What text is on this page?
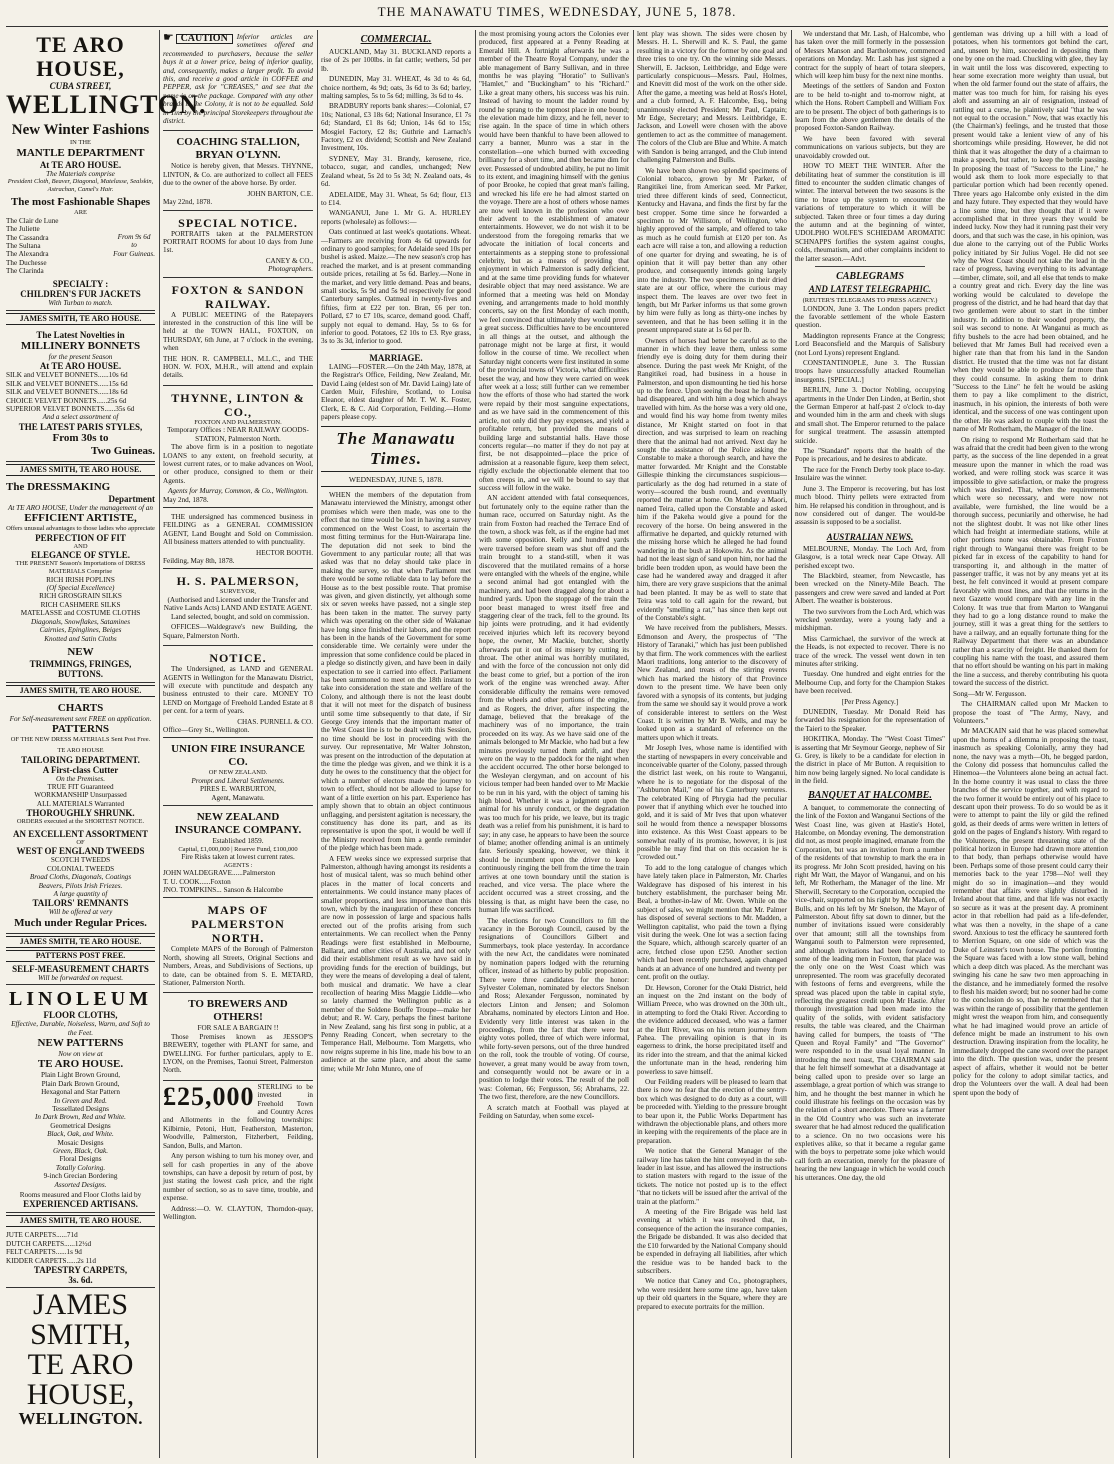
THE MANAWATU TIMES, WEDNESDAY, JUNE 5, 1878.
TE ARO HOUSE,
CUBA STREET,
WELLINGTON.
New Winter Fashions
IN THE
MANTLE DEPARTMENT
At TE ARO HOUSE.
The Materials comprise
President Cloth, Beaver, Diagonal, Matelasse, Sealskin, Astrachan, Camel's Hair.
The most Fashionable Shapes
ARE
The Clair de Lune
The Juliette
The Cassandra
The Sultana
The Alexandra
The Duchesse
The Clarinda
From 9s 6d
to
Four Guineas.
SPECIALTY :
CHILDREN'S FUR JACKETS
With Turban to match.
JAMES SMITH, TE ARO HOUSE.
The Latest Novelties in
MILLINERY BONNETS
for the present Season
At TE ARO HOUSE.
SILK and VELVET BONNETS......10s 6d
SILK and VELVET BONNETS......15s 6d
SILK and VELVET BONNETS......18s 6d
CHOICE VELVET BONNETS......25s 6d
SUPERIOR VELVET BONNETS......35s 6d
And a select assortment of
THE LATEST PARIS STYLES,
From 30s to
Two Guineas.
JAMES SMITH, TE ARO HOUSE.
The DRESSMAKING
Department
At TE ARO HOUSE, Under the management of an
EFFICIENT ARTISTE,
Offers unusual advantages to those ladies who appreciate
PERFECTION OF FIT
AND
ELEGANCE OF STYLE.
THE PRESENT Season's Importations of DRESS MATERIALS Comprise
RICH IRISH POPLINS
(Of Special Excellence)
RICH GROSGRAIN SILKS
RICH CASHMERE SILKS
MATELASSE and COSTUME CLOTHS
Diagonals, Snowflakes, Satamines
Cairnies, Epinglines, Beiges
Knotted and Satin Cloths
NEW
TRIMMINGS, FRINGES, BUTTONS.
JAMES SMITH, TE ARO HOUSE.
CHARTS
For Self-measurement sent FREE on application.
PATTERNS
OF THE NEW DRESS MATERIALS Sent Post Free.
TE ARO HOUSE
TAILORING DEPARTMENT.
A First-class Cutter
On the Premises.
TRUE FIT Guaranteed
WORKMANSHIP Unsurpassed
ALL MATERIALS Warranted
THOROUGHLY SHRUNK.
ORDERS executed at the SHORTEST NOTICE.
AN EXCELLENT ASSORTMENT
OF
WEST OF ENGLAND TWEEDS
SCOTCH TWEEDS
COLONIAL TWEEDS
Broad Cloths, Diagonals, Coatings
Beavers, Pilots Irish Friezes.
A large quantity of
TAILORS' REMNANTS
Will be offered at very
Much under Regular Prices.
JAMES SMITH, TE ARO HOUSE.
PATTERNS POST FREE.
SELF-MEASUREMENT CHARTS
Will be forwarded on request.
LINOLEUM
FLOOR CLOTHS,
Effective, Durable, Noiseless, Warm, and Soft to the Feet.
NEW PATTERNS
Now on view at
TE ARO HOUSE.
Plain Light Brown Ground,
Plain Dark Brown Ground,
Hexagonal and Star Pattern
In Green and Red.
Tessellated Designs
In Dark Brown, Red and White.
Geometrical Designs
Black, Oak, and White.
Mosaic Designs
Green, Black, Oak.
Floral Designs
Totally Coloring.
9-inch Grecian Bordering
Assorted Designs.
Rooms measured and Floor Cloths laid by
EXPERIENCED ARTISANS.
JAMES SMITH, TE ARO HOUSE.
JUTE CARPETS......71d
DUTCH CARPETS......12½d
FELT CARPETS......1s 9d
KIDDER CARPETS......2s 11d
TAPESTRY CARPETS,
3s. 6d.
JAMES SMITH,
TE ARO HOUSE,
WELLINGTON.
☛ CAUTION	Inferior articles are sometimes offered and recommended to purchasers, because the seller buys it at a lower price, being of inferior quality, and, consequently, makes a larger profit. To avoid this, and receive a good article in COFFEE and PEPPER, ask for "CREASES," and see that the name is on the package. Compared with any other brands in the Colony, it is not to be equalled. Sold in Tins by the principal Storekeepers throughout the district.

COACHING STALLION, BRYAN O'LYNN.

Notice is hereby given, that Messrs. THYNNE, LINTON, & Co. are authorized to collect all FEES due to the owner of the above horse. By order.

JOHN BARTON, C.E.
May 22nd, 1878.
SPECIAL NOTICE.

PORTRAITS taken at the PALMERSTON PORTRAIT ROOMS for about 10 days from June 1st.

CANEY & CO.,
Photographers.
FOXTON & SANDON RAILWAY.

A PUBLIC MEETING of the Ratepayers interested in the construction of this line will be held at the TOWN HALL, FOXTON, on THURSDAY, 6th June, at 7 o'clock in the evening, when

THE HON. R. CAMPBELL, M.L.C., and THE HON. W. FOX, M.H.R., will attend and explain details.

THYNNE, LINTON & CO.,
FOXTON AND PALMERSTON.
Temporary Offices : NEAR RAILWAY GOODS-STATION, Palmerston North.

The above firm is in a position to negotiate LOANS to any extent, on freehold security, at lowest current rates, or to make advances on Wool, or other produce, consigned to them or their Agents.

Agents for Murray, Common, & Co., Wellington.
May 2nd, 1878.

THE undersigned has commenced business in FEILDING as a GENERAL COMMISSION AGENT, Land Bought and Sold on Commission. All business matters attended to with punctuality.

HECTOR BOOTH.
Feilding, May 8th, 1878.
H. S. PALMERSON,
SURVEYOR,
(Authorised and Licensed under the Transfer and Native Lands Acts) LAND AND ESTATE AGENT.

Land selected, bought, and sold on commission.

OFFICES—Waldegrave's new Building, the Square, Palmerston North.

NOTICE.

The Undersigned, as LAND and GENERAL AGENTS in Wellington for the Manawatu District, will execute with punctitude and despatch any business entrusted to their care. MONEY TO LEND on Mortgage of Freehold Landed Estate at 8 per cent. for a term of years.

CHAS. PURNELL & CO.
Office—Grey St., Wellington.
UNION FIRE INSURANCE CO.
OF NEW ZEALAND.
Prompt and Liberal Settlements.
PIRES E. WARBURTON,
Agent, Manawatu.
NEW ZEALAND INSURANCE COMPANY.
Established 1859.
Capital, £1,000,000 | Reserve Fund, £100,000
Fire Risks taken at lowest current rates.
AGENTS :
JOHN WALDEGRAVE......Palmerston
T. U. COOK......Foxton
JNO. TOMPKINS... Sanson & Halcombe
MAPS OF PALMERSTON NORTH.

Complete MAPS of the Borough of Palmerston North, showing all Streets, Original Sections and Numbers, Areas, and Subdivisions of Sections, up to date, can be obtained from S. E. METARD, Stationer, Palmerston North.

TO BREWERS AND OTHERS!
FOR SALE A BARGAIN !!

Those Premises known as JESSOP'S BREWERY, together with PLANT for same, and DWELLING. For further particulars, apply to E. LYON, on the Premises, Taonui Street, Palmerston North.

£25,000 STERLING to be invested in Freehold Town and Country Acres and Allotments in the following townships: Kilbirnie, Petoni, Hutt, Featherston, Masterton, Woodville, Palmerston, Fitzherbert, Feilding, Sandon, Bulls, and Marton.

Any person wishing to turn his money over, and sell for cash properties in any of the above townships, can have a deposit by return of post, by just stating the lowest cash price, and the right number of section, so as to save time, trouble, and expense.

Address:—O. W. CLAYTON, Thorndon-quay, Wellington.

COMMERCIAL.

AUCKLAND, May 31. BUCKLAND reports a rise of 2s per 100lbs. in fat cattle; wethers, 5d per lb.

DUNEDIN, May 31. WHEAT, 4s 3d to 4s 6d, choice northern, 4s 9d; oats, 3s 6d to 3s 6d; barley, malting samples, 5s to 5s 6d; milling, 3s 6d to 4s.

BRADBURY reports bank shares:—Colonial, £7 10s; National, £3 18s 6d; National Insurance, £1 7s 6d; Standard, £1 8s 6d; Union, 14s 6d to 15s; Mosgiel Factory, £2 8s; Guthrie and Larnach's Factory, £2 ex dividend; Scottish and New Zealand Investment, 10s.

SYDNEY, May 31. Brandy, kerosene, rice, tobacco, sugar, and candles, unchanged; New Zealand wheat, 5s 2d to 5s 3d; N. Zealand oats, 4s 6d.

ADELAIDE, May 31. Wheat, 5s 6d; flour, £13 to £14.

WANGANUI, June 1. Mr G. A. HURLEY reports (wholesale) as follows:—

Oats continued at last week's quotations. Wheat.—Farmers are receiving from 4s 6d upwards for ordinary to good samples; for Adelaide seed 10s per bushel is asked. Maize.—The new season's crop has reached the market, and is at present commanding outside prices, retailing at 5s 6d. Barley.—None in the market, and very little demand. Peas and beans, small stocks, 5s 9d and 5s 9d respectively for good Canterbury samples. Oatmeal in twenty-fives and fifties, firm at £22 per ton. Bran, £6 per ton. Pollard, £7 to £7 10s, scarce, demand good. Chaff, supply not equal to demand. Hay, 5s to 6s for inferior to good. Potatoes, £2 10s to £3. Rye grass, 3s to 3s 3d, inferior to good.

MARRIAGE.

LAING—FOSTER.—On the 24th May, 1878, at the Registrar's Office, Feilding, New Zealand, Mr. David Laing (eldest son of Mr. David Laing) late of Carden Muir, Fifeshire, Scotland, to Louisa Eleanor, eldest daughter of Mr. T. W. K. Foster, Clerk, E. & C. Aid Corporation, Feilding.—Home papers please copy.

The Manawatu Times.
WEDNESDAY, JUNE 5, 1878.

WHEN the members of the deputation from Manawatu interviewed the Ministry, amongst other promises which were then made, was one to the effect that no time would be lost in having a survey commenced on the West Coast, to ascertain the most fitting terminus for the Hutt-Wairarapa line. The deputation did not seek to bind the Government to any particular route; all that was asked was that no delay should take place in making the survey, so that when Parliament met there would be some reliable data to lay before the House as to the best possible route. That promise was given, and given distinctly, yet although some six or seven weeks have passed, not a single step has been taken in the matter. The survey party which was operating on the other side of Wakanae have long since finished their labors, and the report has been in the hands of the Government for some considerable time. We certainly were under the impression that some confidence could be placed in a pledge so distinctly given, and have been in daily expectation to see it carried into effect. Parliament has been summoned to meet on the 18th instant to take into consideration the state and welfare of the Colony, and although there is not the least doubt that it will not meet for the dispatch of business until some time subsequently to that date, if Sir George Grey intends that the important matter of the West Coast line is to be dealt with this Session, no time should be lost in proceeding with the survey. Our representative, Mr Walter Johnston, was present on the introduction of the deputation at the time the pledge was given, and we think it is a duty he owes to the constituency that the object for which a number of electors made the journey to town to effect, should not be allowed to lapse for want of a little exertion on his part. Experience has amply shown that to obtain an object continuous unflagging, and persistent agitation is necessary, the constituency has done its part, and as its representative is upon the spot, it would be well if the Ministry received from him a gentle reminder of the pledge which has been made.

A FEW weeks since we expressed surprise that Palmerston, although having amongst its residents a host of musical talent, was so much behind other places in the matter of local concerts and entertainments. We could instance many places of smaller proportions, and less importance than this town, which by the inauguration of these concerts are now in possession of large and spacious halls erected out of the profits arising from such entertainments. We can recollect when the Penny Readings were first established in Melbourne, Ballarat, and other cities of Australia, and not only did their establishment result as we have said in providing funds for the erection of buildings, but they were the means of developing a deal of talent, both musical and dramatic. We have a clear recollection of hearing Miss Maggie Liddle—who so lately charmed the Wellington public as a member of the Soldene Bouffe Troupe—make her debut; and R. W. Cary, perhaps the finest baritone in New Zealand, sang his first song in public, at a Penny Reading Concert, when secretary to the Temperance Hall, Melbourne. Tom Margetts, who now reigns supreme in his line, made his bow to an audience at the same place, and about the same time; while Mr John Munro, one of

the most promising young actors the Colonies ever produced, first appeared at a Penny Reading at Emerald Hill. A fortnight afterwards he was a member of the Theatre Royal Company, under the able management of Barry Sullivan, and in three months he was playing "Horatio" to Sullivan's "Hamlet," and "Buckingham" to his "Richard." Like a great many others, his success was his ruin. Instead of having to mount the ladder round by round he sprang to the topmost place in one bound; the elevation made him dizzy, and he fell, never to rise again. In the space of time in which others would have been thankful to have been allowed to carry a banner, Munro was a star in the constellation—one which burned with exceeding brilliancy for a short time, and then became dim for ever. Possessed of undoubted ability, he put no limit to its extent, and imagining himself with the genius of poor Brooke, he copied that great man's failing, and wrecked his life ere he had almost started on the voyage. There are a host of others whose names are now well known in the profession who owe their advent to the establishment of amateur entertainments. However, we do not wish it to be understood from the foregoing remarks that we advocate the initiation of local concerts and entertainments as a stepping stone to professional celebrity, but as a means of providing that enjoyment in which Palmerston is sadly deficient, and at the same time providing funds for whatever desirable object that may need assistance. We are informed that a meeting was held on Monday evening, and arrangements made to hold monthly concerts, say on the first Monday of each month, we feel convinced that ultimately they would prove a great success. Difficulties have to be encountered in all things at the outset, and although the patronage might not be large at first, it would follow in the course of time. We recollect when Saturday night concerts were first instituted in some of the provincial towns of Victoria, what difficulties beset the way, and how they were carried on week after week at a loss; still further can we remember how the efforts of those who had started the work were repaid by their most sanguine expectations, and as we have said in the commencement of this article, not only did they pay expenses, and yield a profitable return, but provided the means of building large and substantial halls. Have those concerts regular—no matter if they do not pay at first, be not disappointed—place the price of admission at a reasonable figure, keep them select, rigidly exclude the objectionable element that too often creeps in, and we will be bound to say that success will follow in the wake.

AN accident attended with fatal consequences, but fortunately only to the equine rather than the human race, occurred on Saturday night. As the train from Foxton had reached the Terrace End of the town, a shock was felt, as if the engine had met with some opposition. Kelly and hundred yards were traversed before steam was shut off and the train brought to a stand-still, when it was discovered that the mutilated remains of a horse were entangled with the wheels of the engine, while a second animal had got entangled with the machinery, and had been dragged along for about a hundred yards. Upon the stoppage of the train the poor beast managed to wrest itself free and staggering clear of the track, fell to the ground. Its hip joints were protruding, and it had evidently received injuries which left its recovery beyond hope, the owner, Mr Mackie, butcher, shortly afterwards put it out of its misery by cutting its throat. The other animal was horribly mutilated, and with the force of the concussion not only did the beast come to grief, but a portion of the iron work of the engine was wrenched away. After considerable difficulty the remains were removed from the wheels and other portions of the engine, and as Rogers, the driver, after inspecting the damage, believed that the breakage of the machinery was of no importance, the train proceeded on its way. As we have said one of the animals belonged to Mr Mackie, who had but a few minutes previously turned them adrift, and they were on the way to the paddock for the night when the accident occurred. The other horse belonged to the Wesleyan clergyman, and on account of his vicious temper had been handed over to Mr Mackie to be run in his yard, with the object of taming his high blood. Whether it was a judgment upon the animal for his unruly conduct, or the degradation was too much for his pride, we leave, but its tragic death was a relief from his punishment, it is hard to say; in any case, he appears to have been the source of blame; another offending animal is an untimely fate. Seriously speaking, however, we think it should be incumbent upon the driver to keep continuously ringing the bell from the time the train arrives at one town boundary until the station is reached, and vice versa. The place where the accident occurred was a street crossing, and the blessing is that, as might have been the case, no human life was sacrificed.

The elections for two Councillors to fill the vacancy in the Borough Council, caused by the resignations of Councillors Gilbert and Summerbays, took place yesterday. In accordance with the new Act, the candidates were nominated by nomination papers lodged with the returning officer, instead of as hitherto by public proposition. There were three candidates for the honor: Sylvester Coleman, nominated by electors Snelson and Ross; Alexander Fergusson, nominated by electors Linton and Jensen; and Solomon Abrahams, nominated by electors Linton and Hoe. Evidently very little interest was taken in the proceedings, from the fact that there were but eighty votes polled, three of which were informal, while forty-seven persons, out of the three hundred on the roll, took the trouble of voting. Of course, however, a great many would be away from town, and consequently would not be aware or in a position to lodge their votes. The result of the poll was: Coleman, 66; Fergusson, 56; Abrahams, 22. The two first, therefore, are the new Councillors.

A scratch match at Football was played at Feilding on Saturday, when some excel-

lent play was shown. The sides were chosen by Messrs. H. L. Sherwill and K. S. Paul, the game resulting in a victory for the former by one goal and three tries to one try. On the winning side Messrs. Sherwill, E. Jackson, Leithbridge, and Edge were particularly conspicuous—Messrs. Paul, Holmes, and Knevitt did most of the work on the other side. After the game, a meeting was held at Ross's Hotel, and a club formed, A. F. Halcombe, Esq., being unanimously elected President; Mr Paul, Captain; Mr Edge, Secretary; and Messrs. Leithbridge, E. Jackson, and Lowell were chosen with the above gentlemen to act as the committee of management. The colors of the Club are Blue and White. A match with Sandon is being arranged, and the Club intend challenging Palmerston and Bulls.

We have been shown two splendid specimens of Colonial tobacco, grown by Mr Parker, of Rangitikei line, from American seed. Mr Parker, tried three different kinds of seed, Connecticut, Kentucky and Havana, and finds the first by far the best cropper. Some time since he forwarded a specimen to Mr Williston, of Wellington, who highly approved of the sample, and offered to take as much as he could furnish at £120 per ton. As each acre will raise a ton, and allowing a reduction of one quarter for drying and sweating, he is of opinion that it will pay better than any other produce, and consequently intends going largely into the industry. The two specimens in their dried state are at our office, where the curious may inspect them. The leaves are over two feet in length, but Mr Parker informs us that some grown by him were fully as long as thirty-one inches by seventeen, and that he has been selling it in the present unprepared state at 1s 6d per lb.

Owners of horses had better be careful as to the manner in which they leave them, unless some friendly eye is doing duty for them during their absence. During the past week Mr Knight, of the Rangitikei road, had business in a house in Palmerston, and upon dismounting he tied his horse up to the fence. Upon seeing the beast he found he had disappeared, and with him a dog which always travelled with him. As the horse was a very old one, and would find his way home from twenty miles distance, Mr Knight started on foot in that direction, and was surprised to learn on reaching there that the animal had not arrived. Next day he sought the assistance of the Police asking the Constable to make a thorough search, and have the matter forwarded. Mr Knight and the Constable Gillespie thinking the circumstances suspicious—particularly as the dog had returned in a state of worry—scoured the bush round, and eventually reported the matter at home. On Monday a Maori, named Teira, called upon the Constable and asked him if the Pakeha would give a pound for the recovery of the horse. On being answered in the affirmative he departed, and quickly returned with the missing horse which he alleged he had found wandering in the bush at Hokowitu. As the animal had not the least sign of sand upon him, nor had the bridle been trodden upon, as would have been the case had he wandered away and dragged it after him, there are very grave suspicions that the animal had been planted. It may be as well to state that Teira was told to call again for the reward, but evidently "smelling a rat," has since then kept out of the Constable's sight.

We have received from the publishers, Messrs. Edmonson and Avery, the prospectus of "The History of Taranaki," which has just been published by that firm. The work commences with the earliest Maori traditions, long anterior to the discovery of New Zealand, and treats of the stirring events which has marked the history of that Province down to the present time. We have been only favored with a synopsis of its contents, but judging from the same we should say it would prove a work of considerable interest to settlers on the West Coast. It is written by Mr B. Wells, and may be looked upon as a standard of reference on the matters upon which it treats.

Mr Joseph Ives, whose name is identified with the starting of newspapers in every conceivable and inconceivable quarter of the Colony, passed through the district last week, on his route to Wanganui, where he is to negotiate for the disposal of the "Ashburton Mail," one of his Canterbury ventures. The celebrated King of Phrygia had the peculiar power that if anything which ever he touched into gold, and it is said of Mr Ives that upon whatever soil he would from thence a newspaper blossoms into existence. As this West Coast appears to be somewhat really of its promise, however, it is just possible he may find that on this occasion he is "crowded out."

To add to the long catalogue of changes which have lately taken place in Palmerston, Mr. Charles Waldegrave has disposed of his interest in his butchery establishment, the purchaser being Mr. Beal, a brother-in-law of Mr. Owen. While on the subject of sales, we might mention that Mr. Palmer has disposed of several sections to Mr. Madden, a Wellington capitalist, who paid the town a flying visit during the week. One lot was a section facing the Square, which, although scarcely quarter of an acre, fetched close upon £250. Another section which had been recently purchased, again changed hands at an advance of one hundred and twenty per cent. profit on the outlay.

Dr. Hewson, Coroner for the Otaki District, held an inquest on the 2nd instant on the body of William Preece, who was drowned on the 30th ult., in attempting to ford the Otaki River. According to the evidence adduced deceased, who was a farmer at the Hutt River, was on his return journey from Pahea. The prevailing opinion is that in its eagerness to drink, the horse precipitated itself and its rider into the stream, and that the animal kicked the unfortunate man in the head, rendering him powerless to save himself.

Our Feilding readers will be pleased to learn that there is now no fear that the erection of the sentry-box which was designed to do duty as a court, will be proceeded with. Yielding to the pressure brought to bear upon it, the Public Works Department has withdrawn the objectionable plans, and others more in keeping with the requirements of the place are in preparation.

We notice that the General Manager of the railway line has taken the hint conveyed in the sub-leader in last issue, and has allowed the instructions to station masters with regard to the issue of the tickets. The notice not posted up is to the effect "that no tickets will be issued after the arrival of the train at the platform."

A meeting of the Fire Brigade was held last evening at which it was resolved that, in consequence of the action the insurance companies, the Brigade be disbanded. It was also decided that the £10 forwarded by the National Company should be expended in defraying all liabilities, after which the residue was to be handed back to the subscribers.

We notice that Caney and Co., photographers, who were resident here some time ago, have taken up their old quarters in the Square, where they are prepared to execute portraits for the million.

We understand that Mr. Lash, of Halcombe, who has taken over the mill formerly in the possession of Messrs Manson and Bartholomew, commenced operations on Monday. Mr. Lash has just signed a contract for the supply of heart of totara sleepers, which will keep him busy for the next nine months.

Meetings of the settlers of Sandon and Foxton are to be held to-night and to-morrow night, at which the Hons. Robert Campbell and William Fox are to be present. The object of both gatherings is to learn from the above gentlemen the details of the proposed Foxton-Sandon Railway.

We have been favored with several communications on various subjects, but they are unavoidably crowded out.

HOW TO MEET THE WINTER. After the debilitating heat of summer the constitution is ill fitted to encounter the sudden climatic changes of winter. The interval between the two seasons is the time to brace up the system to encounter the variations of temperature to which it will be subjected. Taken three or four times a day during the autumn and at the beginning of winter, UDOLPHO WOLFE'S SCHIEDAM AROMATIC SCHNAPPS fortifies the system against coughs, colds, rheumatism, and other complaints incident to the latter season.—Advt.

CABLEGRAMS
AND LATEST TELEGRAPHIC.
(REUTER'S TELEGRAMS TO PRESS AGENCY.)

LONDON, June 3. The London papers predict the favorable settlement of the whole Eastern question.

Maddington represents France at the Congress; Lord Beaconsfield and the Marquis of Salisbury (not Lord Lyons) represent England.

CONSTANTINOPLE, June 3. The Russian troops have unsuccessfully attacked Roumelian insurgents. [SPECIAL.]

BERLIN, June 3. Doctor Nobling, occupying apartments in the Under Den Linden, at Berlin, shot the German Emperor at half-past 2 o'clock to-day and wounded him in the arm and cheek with slugs and small shot. The Emperor returned to the palace for surgical treatment. The assassin attempted suicide.

The "Standard" reports that the health of the Pope is precarious, and he desires to abdicate.

The race for the French Derby took place to-day. Insulaire was the winner.

June 3. The Emperor is recovering, but has lost much blood. Thirty pellets were extracted from him. He relapsed his condition in throughout, and is now considered out of danger. The would-be assassin is supposed to be a socialist.

AUSTRALIAN NEWS.

MELBOURNE, Monday. The Loch Ard, from Glasgow, is a total wreck near Cape Otway. All perished except two.

The Blackbird, steamer, from Newcastle, has been wrecked on the Ninety-Mile Beach. The passengers and crew were saved and landed at Port Albert. The weather is boisterous.

The two survivors from the Loch Ard, which was wrecked yesterday, were a young lady and a midshipman.

Miss Carmichael, the survivor of the wreck at the Heads, is not expected to recover. There is no trace of the wreck. The vessel went down in ten minutes after striking.

Tuesday. One hundred and eight entries for the Melbourne Cup, and forty for the Champion Stakes have been received.

[Per Press Agency.]

DUNEDIN, Tuesday. Mr Donald Reid has forwarded his resignation for the representation of the Taieri to the Speaker.

HOKITIKA, Monday. The "West Coast Times" is asserting that Mr Seymour George, nephew of Sir G. Grey, is likely to be a candidate for election in the district in place of Mr Button. A requisition to him now being largely signed. No local candidate is in the field.

BANQUET AT HALCOMBE.

A banquet, to commemorate the connecting of the link of the Foxton and Wanganui Sections of the West Coast line, was given at Hastie's Hotel, Halcombe, on Monday evening. The demonstration did not, as most people imagined, emanate from the Corporation, but was an invitation from a number of the residents of that township to mark the era in its progress. Mr John Scott presided, having on his right Mr Watt, the Mayor of Wanganui, and on his left, Mr Rotherham, the Manager of the line. Mr Sherwill, Secretary to the Corporation, occupied the vice-chair, supported on his right by Mr Macken, of Bulls, and on his left by Mr Snelson, the Mayor of Palmerston. About fifty sat down to dinner, but the number of invitations issued were considerably over that amount; still all the townships from Wanganui south to Palmerston were represented, and although invitations had been forwarded to some of the leading men in Foxton, that place was the only one on the West Coast which was unrepresented. The room was gracefully decorated with festoons of ferns and evergreens, while the spread was placed upon the table in capital style, reflecting the greatest credit upon Mr Hastie. After thorough investigation had been made into the quality of the solids, with evident satisfactory results, the table was cleared, and the Chairman having called for bumpers, the toasts of "The Queen and Royal Family" and "The Governor" were responded to in the usual loyal manner. In introducing the next toast, The CHAIRMAN said that he felt himself somewhat at a disadvantage at being called upon to preside over so large an assemblage, a great portion of which was strange to him, and he thought the best manner in which he could illustrate his feelings on the occasion was by the relation of a short anecdote. There was a farmer in the Old Country who was such an inveterate swearer that he had almost reduced the qualification to a science. On no two occasions were his expletives alike, so that it became a regular game with the boys to perpetrate some joke which would call forth an execration, merely for the pleasure of hearing the new language in which he would couch his utterances. One day, the old

gentleman was driving up a hill with a load of potatoes, when his tormentors got behind the cart, and, unseen by him, succeeded in depositing them one by one on the road. Chuckling with glee, they lay in wait until the loss was discovered, expecting to hear some execration more weighty than usual, but when the old farmer found out the state of affairs, the matter was too much for him, for raising his eyes aloft and assuming an air of resignation, instead of rattling out a curse, he plaintively said "that he was not equal to the occasion." Now, that was exactly his (the Chairman's) feelings, and he trusted that those present would take a lenient view of any of his shortcomings while presiding. However, he did not think that it was altogether the duty of a chairman to make a speech, but rather, to keep the bottle passing. In proposing the toast of "Success to the Line," he would ask them to look more especially to that particular portion which had been recently opened. Three years ago Halcombe only existed in the dim and hazy future. They expected that they would have a line some time, but they thought that if it were accomplished that in three years they would be indeed lucky. Now they had it running past their very doors, and that such was the case, in his opinion, was due alone to the carrying out of the Public Works policy initiated by Sir Julius Vogel. He did not see why the West Coast should not take the lead in the race of progress, having everything to its advantage—timber, climate, soil, and all else that tends to make a country great and rich. Every day the line was working would be calculated to develope the progress of the district, and he had heard that day that two gentlemen were about to start in the timber industry. In addition to their wooded property, the soil was second to none. At Wanganui as much as fifty bushels to the acre had been obtained, and he believed that Mr James Bull had received even a higher rate than that from his land in the Sandon district. He trusted that the time was not far distant when they would be able to produce far more than they could consume. In asking them to drink "Success to the Line" he felt he would be asking them to pay a like compliment to the district, inasmuch, in his opinion, the interests of both were identical, and the success of one was contingent upon the other. He was asked to couple with the toast the name of Mr Rotherham, the Manager of the line.

On rising to respond Mr Rotherham said that he was afraid that the credit had been given to the wrong party, as the success of the line depended in a great measure upon the manner in which the road was worked, and were rolling stock was scarce it was impossible to give satisfaction, or make the progress which was desired. That, when the requirements which were so necessary, and were now not available, were furnished, the line would be a thorough success, pecuniarily and otherwise, he had not the slightest doubt. It was not like other lines which had freight at intermediate stations, while at other portions none was obtainable. From Foxton right through to Wanganui there was freight to be picked far in excess of the capability to hand for transporting it, and although in the matter of passenger traffic, it was not by any means yet at its best, he felt convinced it would at present compare favorably with most lines, and that the returns in the next Gazette would compare with any line in the Colony. It was true that from Marton to Wanganui they had to go a long distance round to make the journey, still it was a great thing for the settlers to have a railway, and an equally fortunate thing for the Railway Department that there was an abundance rather than a scarcity of freight. He thanked them for coupling his name with the toast, and assured them that no effort should be wanting on his part in making the line a success, and thereby contributing his quota toward the success of the district.

Song—Mr W. Fergusson.

The CHAIRMAN called upon Mr Macken to propose the toast of "The Army, Navy, and Volunteers."

Mr MACKAIN said that he was placed somewhat upon the horns of a dilemma in proposing the toast, inasmuch as speaking Colonially, army they had none, the navy was a myth—Oh, he begged pardon, the Colony did possess that homunculus called the Hinemoa—the Volunteers alone being an actual fact. In the home country it was usual to class the three branches of the service together, and with regard to the two former it would be entirely out of his place to descant upon their prowess. To do so would be as it were to attempt to paint the lily or gild the refined gold, as their deeds of arms were written in letters of gold on the pages of England's history. With regard to the Volunteers, the present threatening state of the political horizon in Europe had drawn more attention to that body, than perhaps otherwise would have been. Perhaps some of those present could carry their memories back to the year 1798—No! well they might do so in imagination—and they would remember that affairs were slightly disturbed in Ireland about that time, and that life was not exactly so secure as it was at the present day. A prominent actor in that rebellion had paid as a life-defender, what was then a novelty, in the shape of a cane sword. Anxious to test the efficacy he sauntered forth to Merrion Square, on one side of which was the Duke of Leinster's town house. The portion fronting the Square was faced with a low stone wall, behind which a deep ditch was placed. As the merchant was swinging his cane he saw two men approaching in the distance, and he immediately formed the resolve to flesh his maiden sword; but no sooner had he come to the conclusion do so, than he remembered that it was within the range of possibility that the gentlemen might wrest the weapon from him, and consequently what he had imagined would prove an article of defence might be made an instrument to his own destruction. Drawing inspiration from the locality, he immediately dropped the cane sword over the parapet into the ditch. The question was, under the present aspect of affairs, whether it would not be better policy for the colony to adopt similar tactics, and drop the Volunteers over the wall. A deal had been spent upon the body of
